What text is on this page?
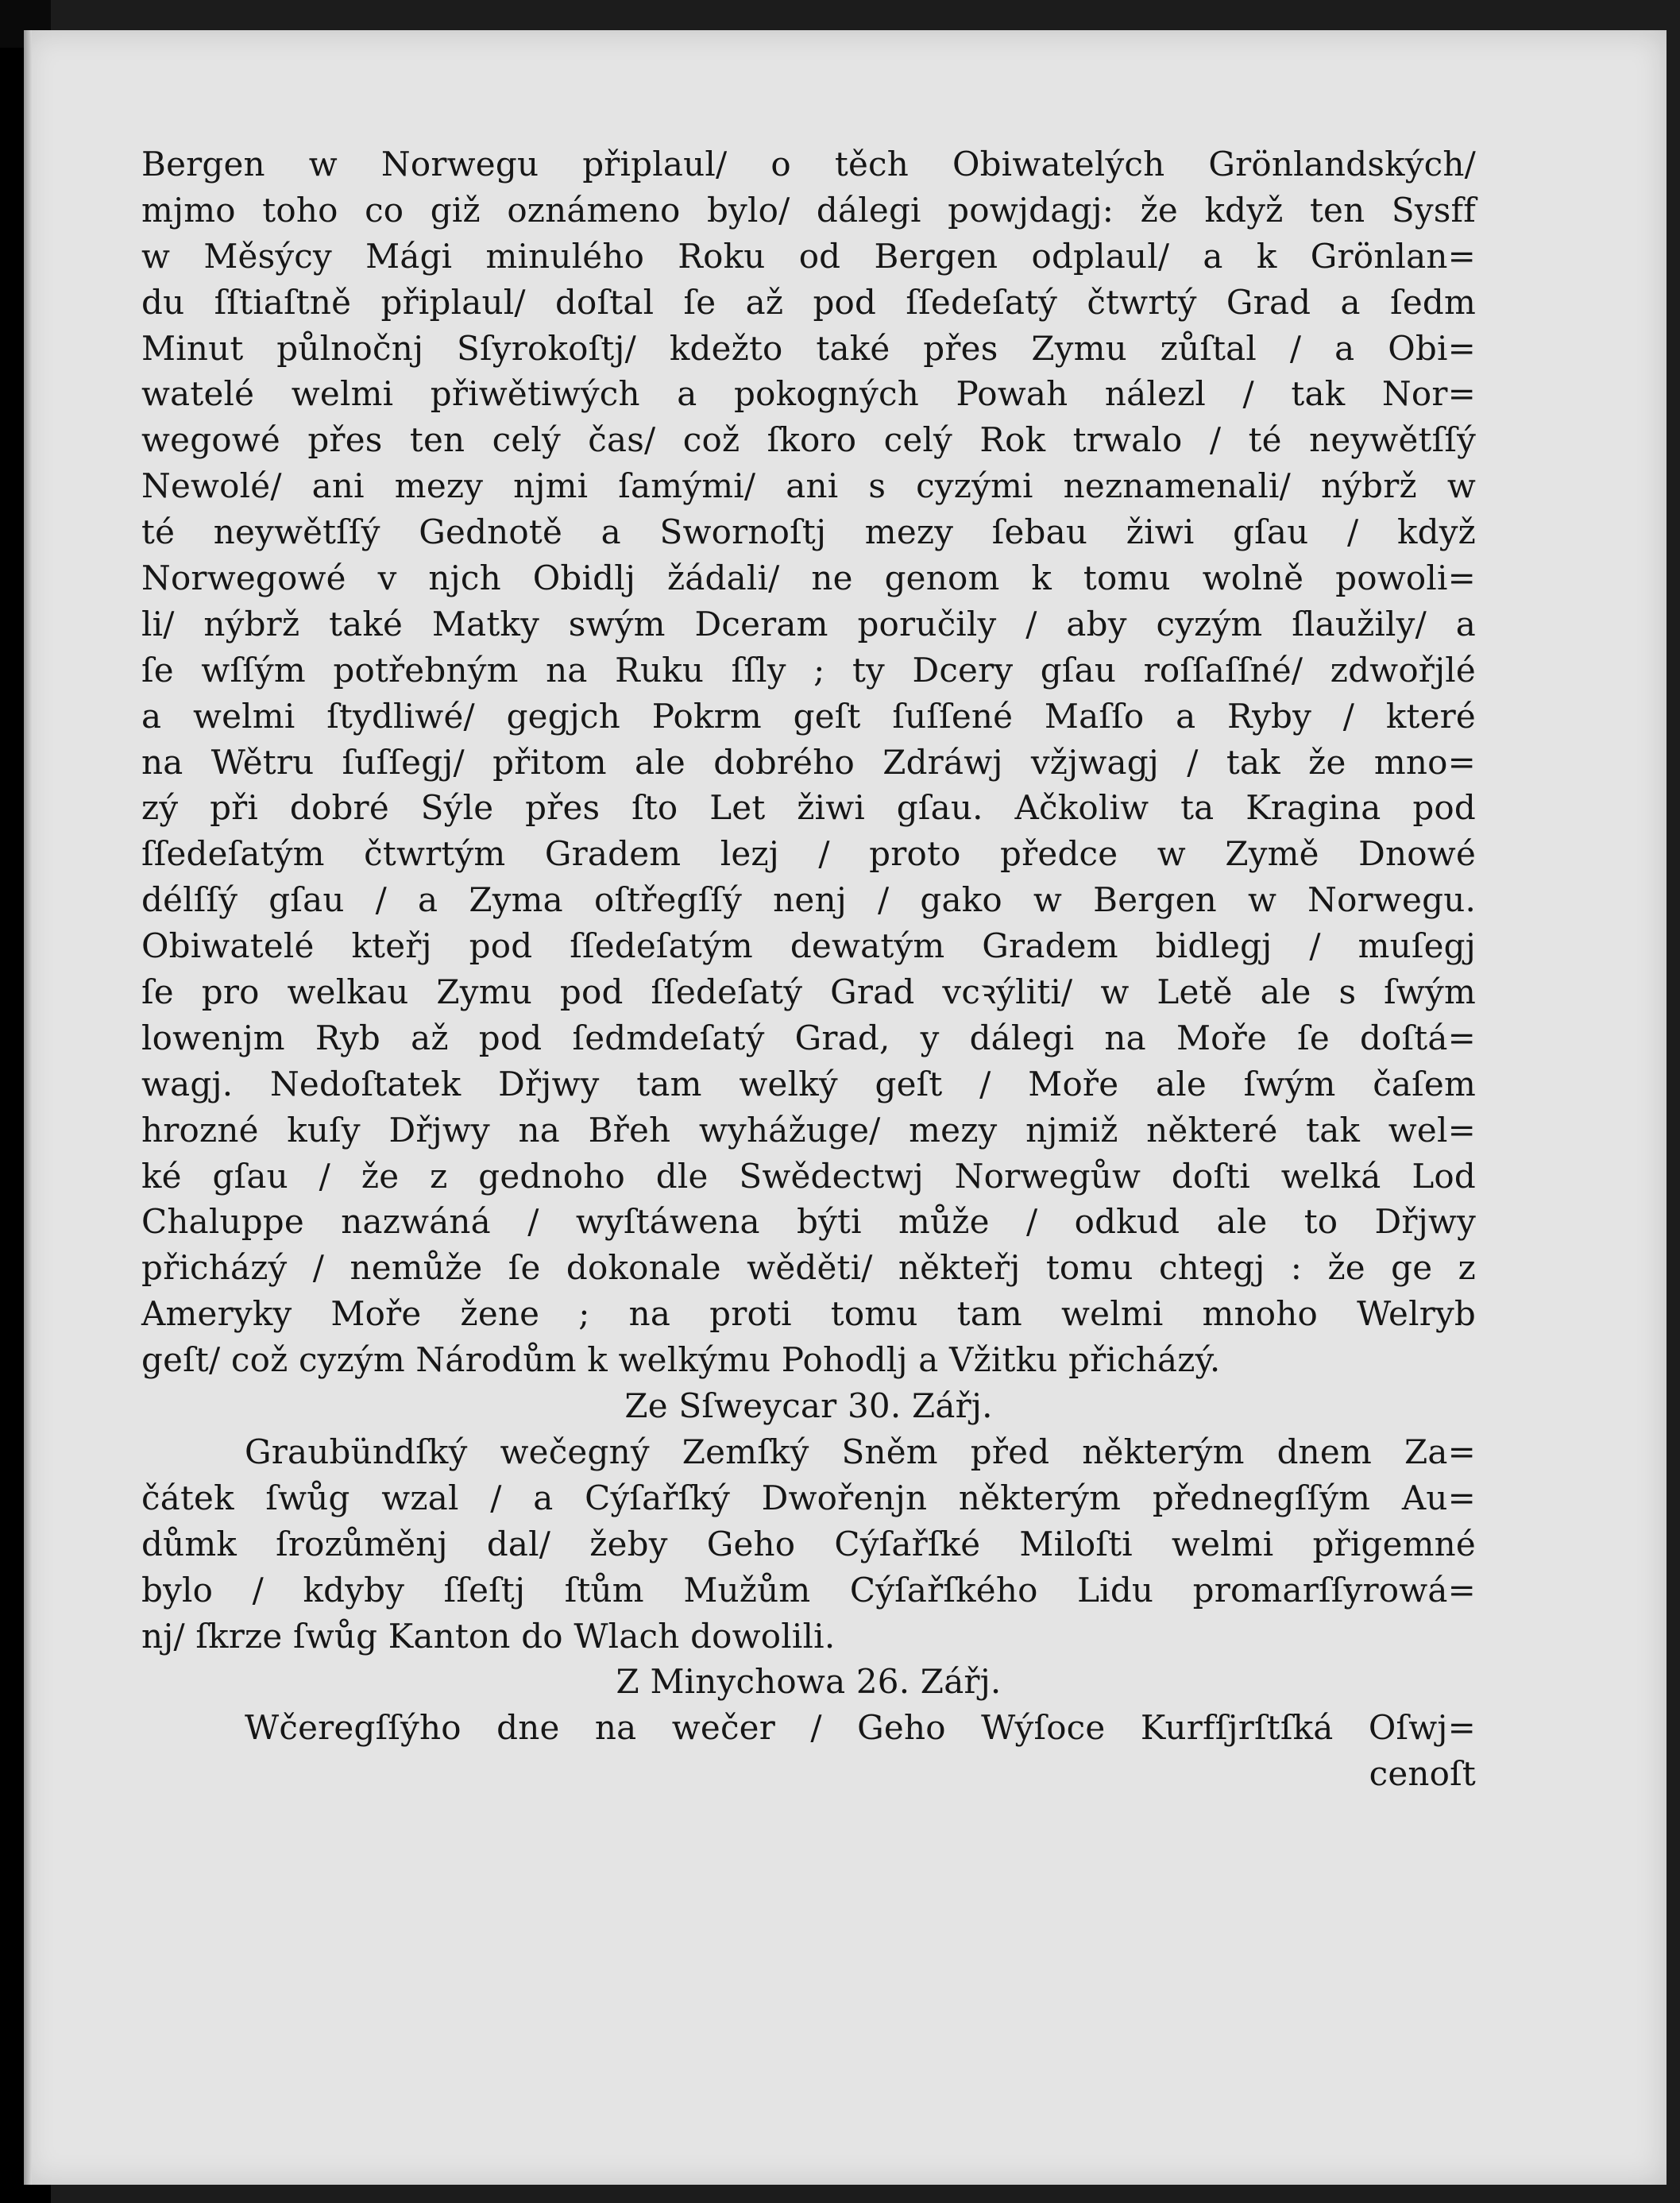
Bergen w Norwegu připlaul/ o těch Obiwatelých Grönlandských/
mjmo toho co giž oznámeno bylo/ dálegi powjdagj: že když ten Sysff
w Měsýcy Mági minulého Roku od Bergen odplaul/ a k Grönlan=
du ſſtiaſtně připlaul/ doſtal ſe až pod ſſedeſatý čtwrtý Grad a ſedm
Minut půlnočnj Sſyrokoſtj/ kdežto také přes Zymu zůſtal / a Obi=
watelé welmi přiwětiwých a pokogných Powah nálezl / tak Nor=
wegowé přes ten celý čas/ což ſkoro celý Rok trwalo / té neywětſſý
Newolé/ ani mezy njmi ſamými/ ani s cyzými neznamenali/ nýbrž w
té neywětſſý Gednotě a Swornoſtj mezy ſebau žiwi gſau / když
Norwegowé v njch Obidlj žádali/ ne genom k tomu wolně powoli=
li/ nýbrž také Matky swým Dceram poručily / aby cyzým ſlaužily/ a
ſe wſſým potřebným na Ruku ſſly ; ty Dcery gſau roſſaſſné/ zdwořjlé
a welmi ſtydliwé/ gegjch Pokrm geſt ſuſſené Maſſo a Ryby / které
na Wětru ſuſſegj/ přitom ale dobrého Zdráwj vžjwagj / tak že mno=
zý při dobré Sýle přes ſto Let žiwi gſau. Ačkoliw ta Kragina pod
ſſedeſatým čtwrtým Gradem lezj / proto předce w Zymě Dnowé
délſſý gſau / a Zyma oſtřegſſý nenj / gako w Bergen w Norwegu.
Obiwatelé kteřj pod ſſedeſatým dewatým Gradem bidlegj / muſegj
ſe pro welkau Zymu pod ſſedeſatý Grad vcꝛýliti/ w Letě ale s ſwým
lowenjm Ryb až pod ſedmdeſatý Grad, y dálegi na Moře ſe doſtá=
wagj. Nedoſtatek Dřjwy tam welký geſt / Moře ale ſwým čaſem
hrozné kuſy Dřjwy na Břeh wyhážuge/ mezy njmiž některé tak wel=
ké gſau / že z gednoho dle Swědectwj Norwegůw doſti welká Lod
Chaluppe nazwáná / wyſtáwena býti může / odkud ale to Dřjwy
přicházý / nemůže ſe dokonale wěděti/ někteřj tomu chtegj : že ge z
Ameryky Moře žene ; na proti tomu tam welmi mnoho Welryb
geſt/ což cyzým Národům k welkýmu Pohodlj a Vžitku přicházý.
Ze Sſweycar 30. Zářj.
Graubündſký wečegný Zemſký Sněm před některým dnem Za=
čátek ſwůg wzal / a Cýſařſký Dwořenjn některým přednegſſým Au=
důmk ſrozůměnj dal/ žeby Geho Cýſařſké Miloſti welmi přigemné
bylo / kdyby ſſeſtj ſtům Mužům Cýſařſkého Lidu promarſſyrowá=
nj/ ſkrze ſwůg Kanton do Wlach dowolili.
Z Minychowa 26. Zářj.
Wčeregſſýho dne na wečer / Geho Wýſoce Kurfſjrſtſká Oſwj=
cenoſt
